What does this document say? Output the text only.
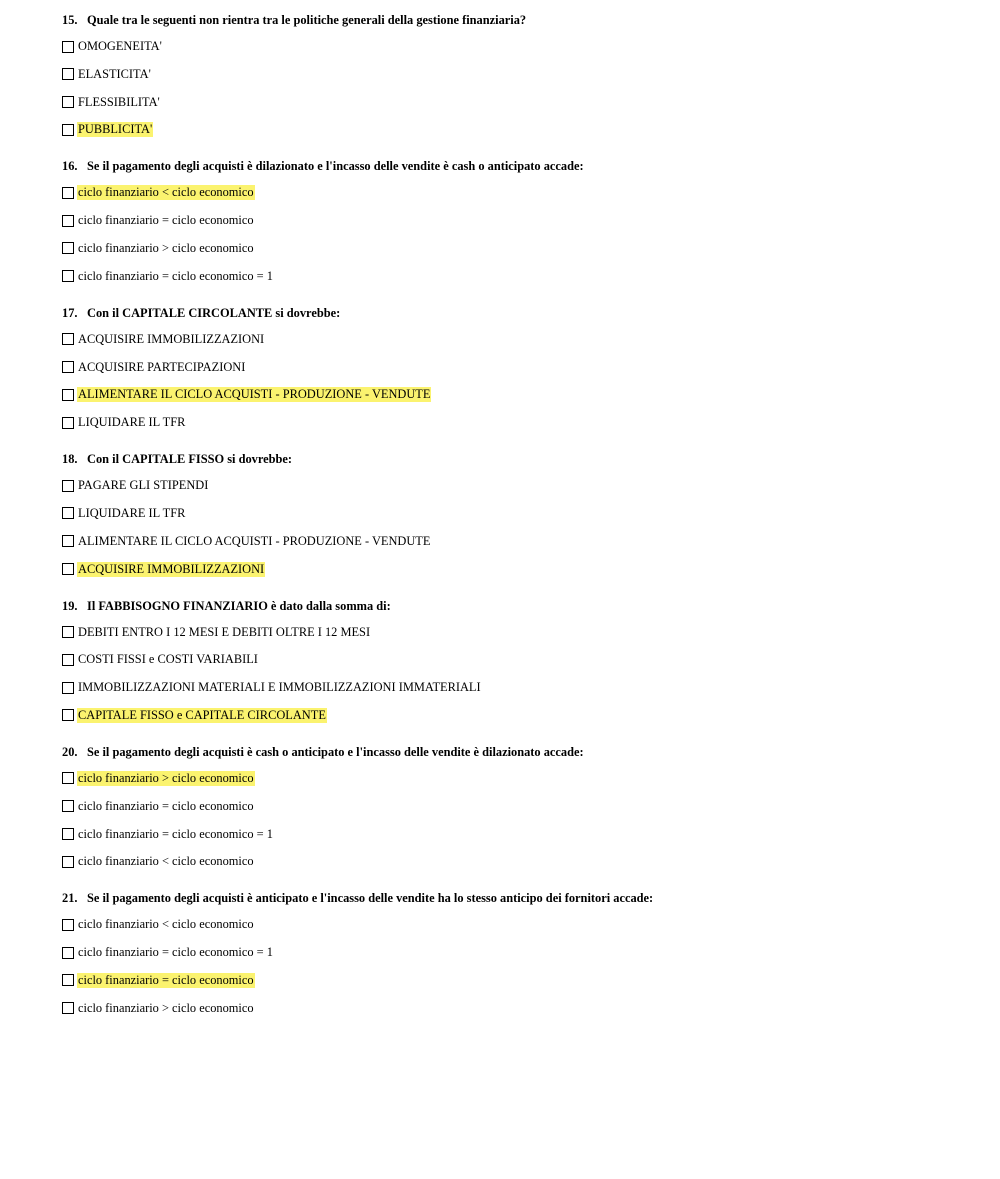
15. Quale tra le seguenti non rientra tra le politiche generali della gestione finanziaria?
OMOGENEITA'
ELASTICITA'
FLESSIBILITA'
PUBBLICITA'
16. Se il pagamento degli acquisti è dilazionato e l'incasso delle vendite è cash o anticipato accade:
ciclo finanziario < ciclo economico
ciclo finanziario = ciclo economico
ciclo finanziario > ciclo economico
ciclo finanziario = ciclo economico = 1
17. Con il CAPITALE CIRCOLANTE si dovrebbe:
ACQUISIRE IMMOBILIZZAZIONI
ACQUISIRE PARTECIPAZIONI
ALIMENTARE IL CICLO ACQUISTI - PRODUZIONE - VENDUTE
LIQUIDARE IL TFR
18. Con il CAPITALE FISSO si dovrebbe:
PAGARE GLI STIPENDI
LIQUIDARE IL TFR
ALIMENTARE IL CICLO ACQUISTI - PRODUZIONE - VENDUTE
ACQUISIRE IMMOBILIZZAZIONI
19. Il FABBISOGNO FINANZIARIO è dato dalla somma di:
DEBITI ENTRO I 12 MESI E DEBITI OLTRE I 12 MESI
COSTI FISSI e COSTI VARIABILI
IMMOBILIZZAZIONI MATERIALI E IMMOBILIZZAZIONI IMMATERIALI
CAPITALE FISSO e CAPITALE CIRCOLANTE
20. Se il pagamento degli acquisti è cash o anticipato e l'incasso delle vendite è dilazionato accade:
ciclo finanziario > ciclo economico
ciclo finanziario = ciclo economico
ciclo finanziario = ciclo economico = 1
ciclo finanziario < ciclo economico
21. Se il pagamento degli acquisti è anticipato e l'incasso delle vendite ha lo stesso anticipo dei fornitori accade:
ciclo finanziario < ciclo economico
ciclo finanziario = ciclo economico = 1
ciclo finanziario = ciclo economico
ciclo finanziario > ciclo economico
